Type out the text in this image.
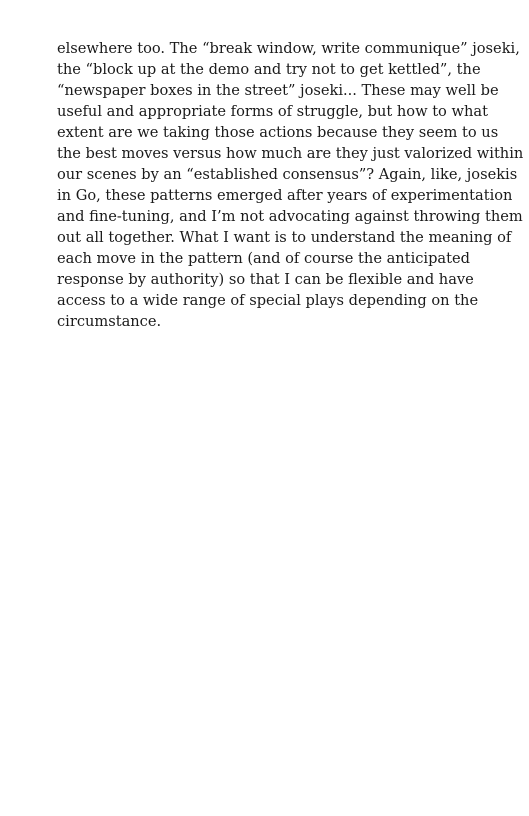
elsewhere too. The “break window, write communique” joseki,
the “block up at the demo and try not to get kettled”, the
“newspaper boxes in the street” joseki... These may well be
useful and appropriate forms of struggle, but how to what
extent are we taking those actions because they seem to us
the best moves versus how much are they just valorized within
our scenes by an “established consensus”? Again, like, josekis
in Go, these patterns emerged after years of experimentation
and fine-tuning, and I’m not advocating against throwing them
out all together. What I want is to understand the meaning of
each move in the pattern (and of course the anticipated
response by authority) so that I can be flexible and have
access to a wide range of special plays depending on the
circumstance.
